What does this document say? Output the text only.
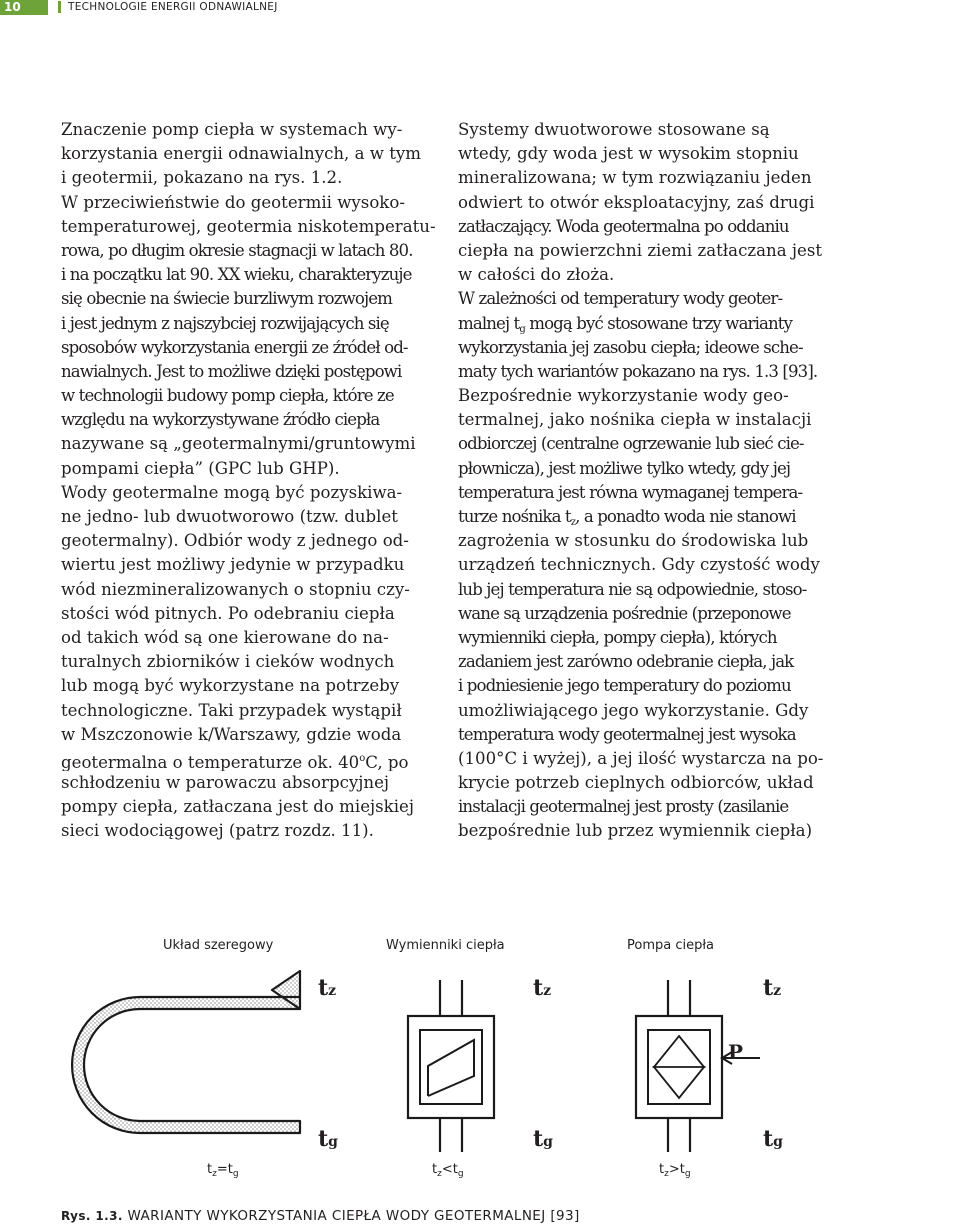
10	TECHNOLOGIE ENERGII ODNAWIALNEJ
Znaczenie pomp ciepła w systemach wy-
korzystania energii odnawialnych, a w tym
i geotermii, pokazano na rys. 1.2.
W przeciwieństwie do geotermii wysoko-
temperaturowej, geotermia niskotemperatu-
rowa, po długim okresie stagnacji w latach 80.
i na początku lat 90. XX wieku, charakteryzuje
się obecnie na świecie burzliwym rozwojem
i jest jednym z najszybciej rozwijających się
sposobów wykorzystania energii ze źródeł od-
nawialnych. Jest to możliwe dzięki postępowi
w technologii budowy pomp ciepła, które ze
względu na wykorzystywane źródło ciepła
nazywane są „geotermalnymi/gruntowymi
pompami ciepła” (GPC lub GHP).
Wody geotermalne mogą być pozyskiwa-
ne jedno- lub dwuotworowo (tzw. dublet
geotermalny). Odbiór wody z jednego od-
wiertu jest możliwy jedynie w przypadku
wód niezmineralizowanych o stopniu czy-
stości wód pitnych. Po odebraniu ciepła
od takich wód są one kierowane do na-
turalnych zbiorników i cieków wodnych
lub mogą być wykorzystane na potrzeby
technologiczne. Taki przypadek wystąpił
w Mszczonowie k/Warszawy, gdzie woda
geotermalna o temperaturze ok. 40$^o$C, po
schłodzeniu w parowaczu absorpcyjnej
pompy ciepła, zatłaczana jest do miejskiej
sieci wodociągowej (patrz rozdz. 11).
Systemy dwuotworowe stosowane są
wtedy, gdy woda jest w wysokim stopniu
mineralizowana; w tym rozwiązaniu jeden
odwiert to otwór eksploatacyjny, zaś drugi
zatłaczający. Woda geotermalna po oddaniu
ciepła na powierzchni ziemi zatłaczana jest
w całości do złoża.
W zależności od temperatury wody geoter-
malnej $t_g$ mogą być stosowane trzy warianty
wykorzystania jej zasobu ciepła; ideowe sche-
maty tych wariantów pokazano na rys. 1.3 [93].
Bezpośrednie wykorzystanie wody geo-
termalnej, jako nośnika ciepła w instalacji
odbiorczej (centralne ogrzewanie lub sieć cie-
płownicza), jest możliwe tylko wtedy, gdy jej
temperatura jest równa wymaganej tempera-
turze nośnika $t_z$, a ponadto woda nie stanowi
zagrożenia w stosunku do środowiska lub
urządzeń technicznych. Gdy czystość wody
lub jej temperatura nie są odpowiednie, stoso-
wane są urządzenia pośrednie (przeponowe
wymienniki ciepła, pompy ciepła), których
zadaniem jest zarówno odebranie ciepła, jak
i podniesienie jego temperatury do poziomu
umożliwiającego jego wykorzystanie. Gdy
temperatura wody geotermalnej jest wysoka
(100°C i wyżej), a jej ilość wystarcza na po-
krycie potrzeb cieplnych odbiorców, układ
instalacji geotermalnej jest prosty (zasilanie
bezpośrednie lub przez wymiennik ciepła)
Układ szeregowy	Wymienniki ciepła	Pompa ciepła
tz
tg
tz
tg
tz
tg
P
$t_z=t_g$	$t_z<t_g$	$t_z>t_g$
Rys. 1.3. WARIANTY WYKORZYSTANIA CIEPŁA WODY GEOTERMALNEJ [93]
